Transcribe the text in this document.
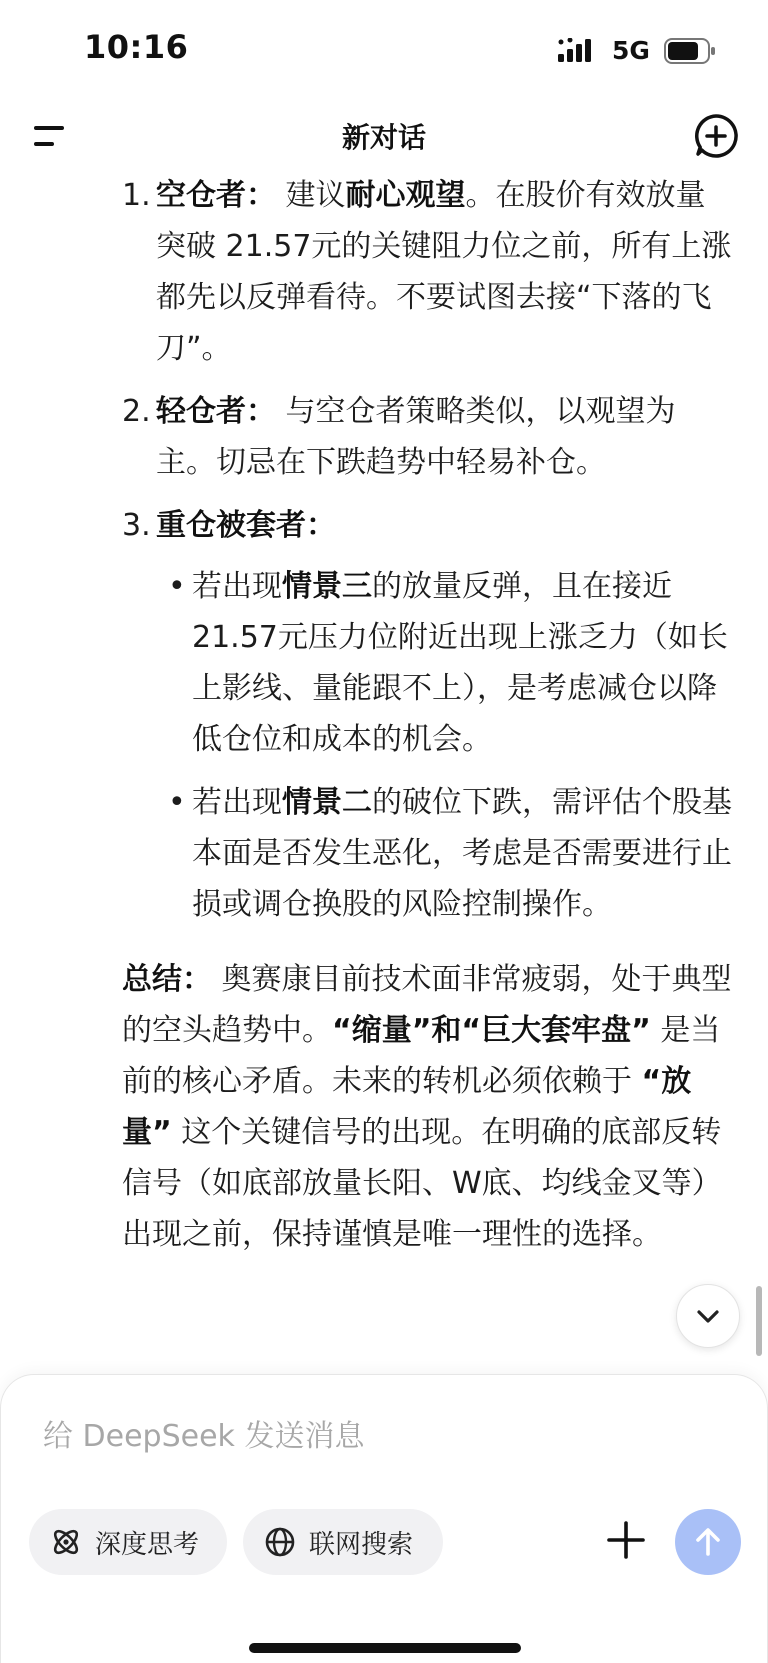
10:16	5G
新对话
1. 空仓者： 建议耐心观望。在股价有效放量突破 21.57元的关键阻力位之前，所有上涨都先以反弹看待。不要试图去接“下落的飞刀”。
2. 轻仓者： 与空仓者策略类似，以观望为主。切忌在下跌趋势中轻易补仓。
3. 重仓被套者：
• 若出现情景三的放量反弹，且在接近 21.57元压力位附近出现上涨乏力（如长上影线、量能跟不上），是考虑减仓以降低仓位和成本的机会。
• 若出现情景二的破位下跌，需评估个股基本面是否发生恶化，考虑是否需要进行止损或调仓换股的风险控制操作。
总结： 奥赛康目前技术面非常疲弱，处于典型的空头趋势中。“缩量”和“巨大套牢盘” 是当前的核心矛盾。未来的转机必须依赖于 “放量” 这个关键信号的出现。在明确的底部反转信号（如底部放量长阳、W底、均线金叉等）出现之前，保持谨慎是唯一理性的选择。
给 DeepSeek 发送消息
深度思考	联网搜索
